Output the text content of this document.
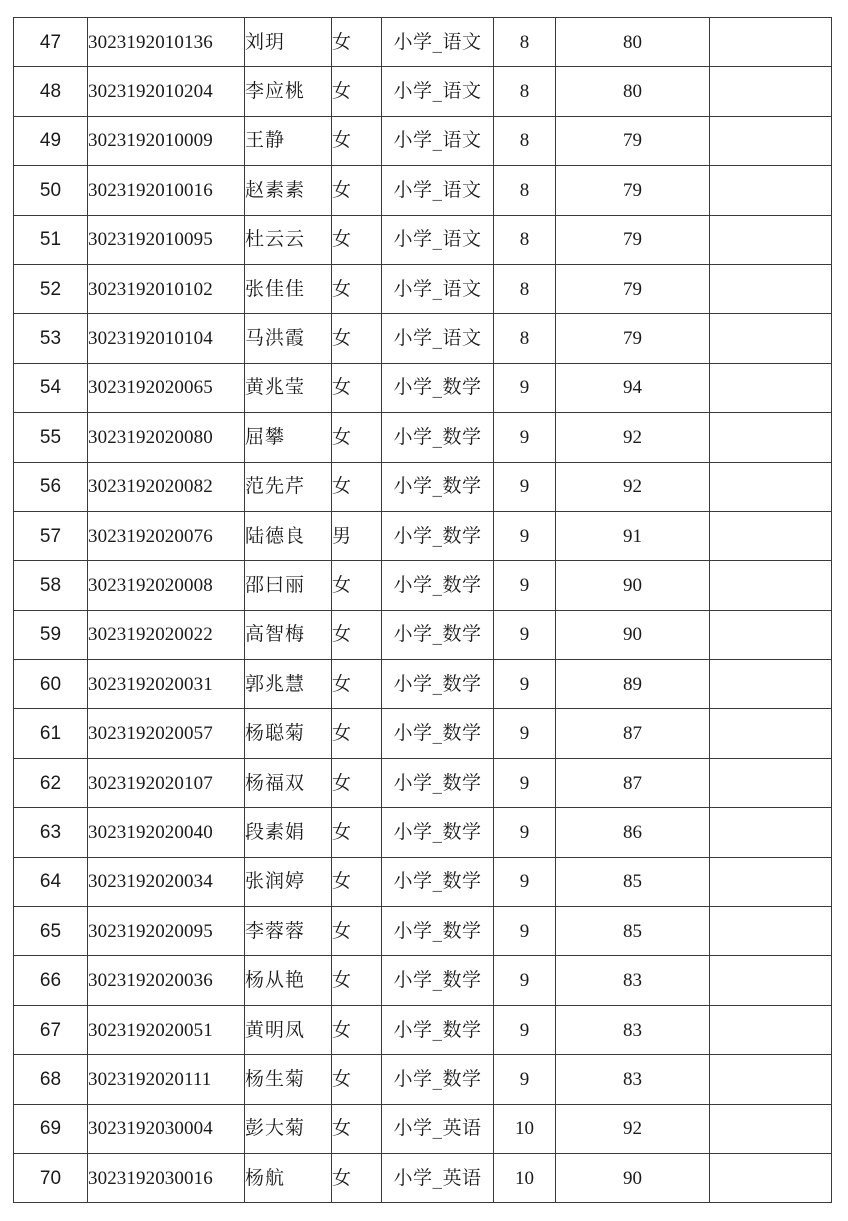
47	3023192010136	刘玥	女	小学_语文	8	80	
48	3023192010204	李应桃	女	小学_语文	8	80	
49	3023192010009	王静	女	小学_语文	8	79	
50	3023192010016	赵素素	女	小学_语文	8	79	
51	3023192010095	杜云云	女	小学_语文	8	79	
52	3023192010102	张佳佳	女	小学_语文	8	79	
53	3023192010104	马洪霞	女	小学_语文	8	79	
54	3023192020065	黄兆莹	女	小学_数学	9	94	
55	3023192020080	屈攀	女	小学_数学	9	92	
56	3023192020082	范先芹	女	小学_数学	9	92	
57	3023192020076	陆德良	男	小学_数学	9	91	
58	3023192020008	邵曰丽	女	小学_数学	9	90	
59	3023192020022	高智梅	女	小学_数学	9	90	
60	3023192020031	郭兆慧	女	小学_数学	9	89	
61	3023192020057	杨聪菊	女	小学_数学	9	87	
62	3023192020107	杨福双	女	小学_数学	9	87	
63	3023192020040	段素娟	女	小学_数学	9	86	
64	3023192020034	张润婷	女	小学_数学	9	85	
65	3023192020095	李蓉蓉	女	小学_数学	9	85	
66	3023192020036	杨从艳	女	小学_数学	9	83	
67	3023192020051	黄明凤	女	小学_数学	9	83	
68	3023192020111	杨生菊	女	小学_数学	9	83	
69	3023192030004	彭大菊	女	小学_英语	10	92	
70	3023192030016	杨航	女	小学_英语	10	90	
